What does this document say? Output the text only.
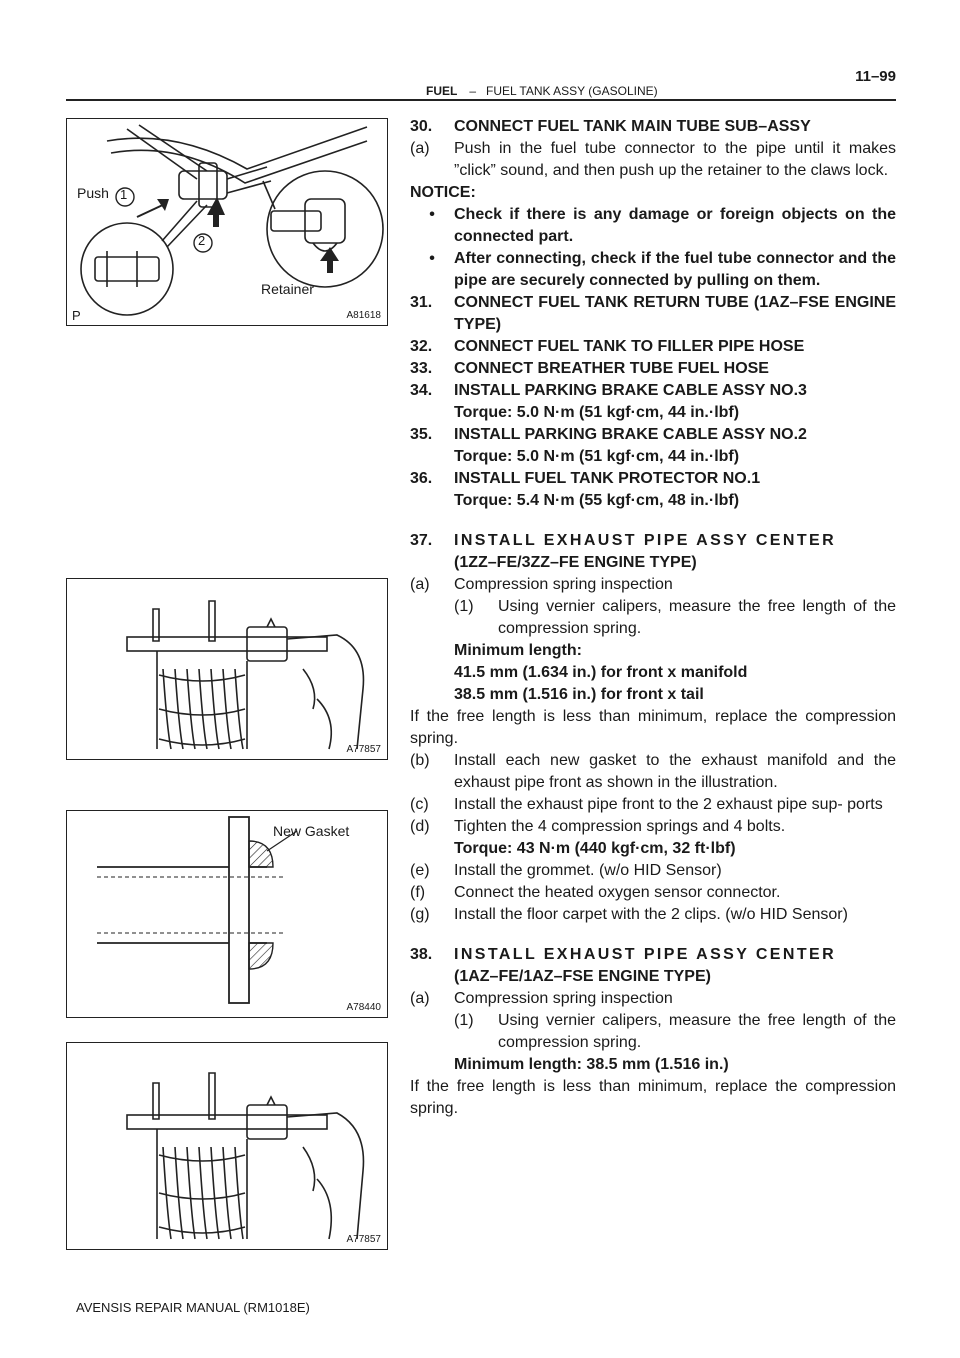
FUEL – FUEL TANK ASSY (GASOLINE)
11–99
Push 1
2
Retainer
P	A81618
A77857
New Gasket
A78440
A77857
30.	CONNECT FUEL TANK MAIN TUBE SUB–ASSY
(a)	Push in the fuel tube connector to the pipe until it makes ”click” sound, and then push up the retainer to the claws lock.

NOTICE:

•	Check if there is any damage or foreign objects on the connected part.
•	After connecting, check if the fuel tube connector and the pipe are securely connected by pulling on them.
31.	CONNECT FUEL TANK RETURN TUBE (1AZ–FSE ENGINE TYPE)
32.	CONNECT FUEL TANK TO FILLER PIPE HOSE
33.	CONNECT BREATHER TUBE FUEL HOSE
34.	INSTALL PARKING BRAKE CABLE ASSY NO.3

Torque: 5.0 N·m (51 kgf·cm, 44 in.·lbf)

35.	INSTALL PARKING BRAKE CABLE ASSY NO.2

Torque: 5.0 N·m (51 kgf·cm, 44 in.·lbf)

36.	INSTALL FUEL TANK PROTECTOR NO.1

Torque: 5.4 N·m (55 kgf·cm, 48 in.·lbf)

37.	INSTALL EXHAUST PIPE ASSY CENTER

(1ZZ–FE/3ZZ–FE ENGINE TYPE)

(a)	Compression spring inspection
(1)	Using vernier calipers, measure the free length of the compression spring.

Minimum length:

41.5 mm (1.634 in.) for front x manifold

38.5 mm (1.516 in.) for front x tail

If the free length is less than minimum, replace the compression spring.

(b)	Install each new gasket to the exhaust manifold and the exhaust pipe front as shown in the illustration.
(c)	Install the exhaust pipe front to the 2 exhaust pipe sup- ports
(d)	Tighten the 4 compression springs and 4 bolts.

Torque: 43 N·m (440 kgf·cm, 32 ft·lbf)

(e)	Install the grommet. (w/o HID Sensor)
(f)	Connect the heated oxygen sensor connector.
(g)	Install the floor carpet with the 2 clips. (w/o HID Sensor)
38.	INSTALL EXHAUST PIPE ASSY CENTER

(1AZ–FE/1AZ–FSE ENGINE TYPE)

(a)	Compression spring inspection
(1)	Using vernier calipers, measure the free length of the compression spring.

Minimum length: 38.5 mm (1.516 in.)

If the free length is less than minimum, replace the compression spring.

AVENSIS REPAIR MANUAL (RM1018E)
